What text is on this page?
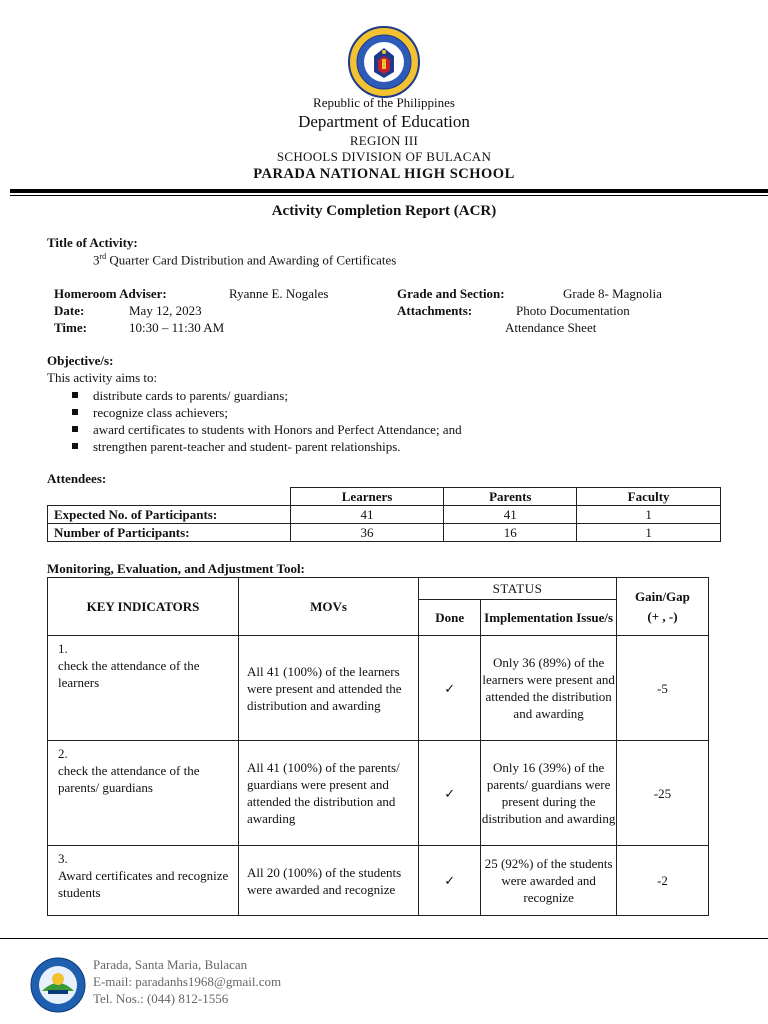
Republic of the Philippines
Department of Education
REGION III
SCHOOLS DIVISION OF BULACAN
PARADA NATIONAL HIGH SCHOOL
Activity Completion Report (ACR)
Title of Activity:
3rd Quarter Card Distribution and Awarding of Certificates
Homeroom Adviser:	Ryanne E. Nogales
Date:	May 12, 2023
Time:	10:30 – 11:30 AM
Grade and Section:	Grade 8- Magnolia
Attachments:	Photo Documentation
Attendance Sheet
Objective/s:
This activity aims to:
distribute cards to parents/ guardians;
recognize class achievers;
award certificates to students with Honors and Perfect Attendance; and
strengthen parent-teacher and student- parent relationships.
Attendees:
	Learners	Parents	Faculty
Expected No. of Participants:	41	41	1
Number of Participants:	36	16	1
Monitoring, Evaluation, and Adjustment Tool:
KEY INDICATORS	MOVs	STATUS		Gain/Gap
(+ , -)
		Done	Implementation Issue/s	
1.check the attendance of the learners	All 41 (100%) of the learners were present and attended the distribution and awarding	✓	Only 36 (89%) of the learners were present and attended the distribution and awarding	-5
2.check the attendance of the parents/ guardians	All 41 (100%) of the parents/ guardians were present and attended the distribution and awarding	✓	Only 16 (39%) of the parents/ guardians were present during the distribution and awarding	-25
3.Award certificates and recognize students	All 20 (100%) of the students were awarded and recognize	✓	25 (92%) of the students were awarded and recognize	-2
Parada, Santa Maria, Bulacan
E-mail: paradanhs1968@gmail.com
Tel. Nos.: (044) 812-1556
